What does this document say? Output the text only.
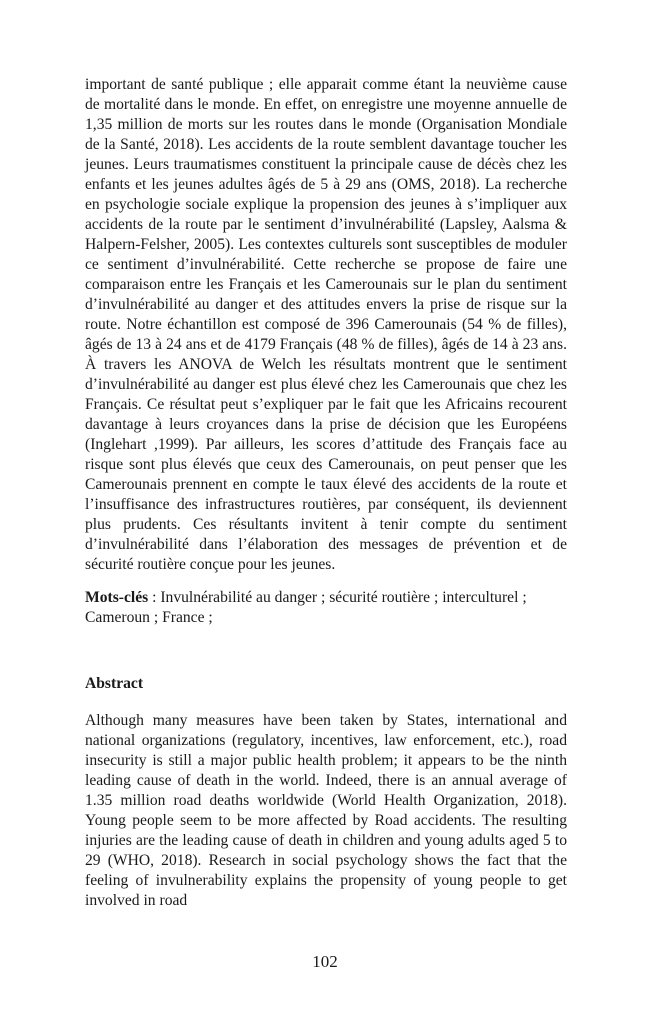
important de santé publique ; elle apparait comme étant la neuvième cause de mortalité dans le monde. En effet, on enregistre une moyenne annuelle de 1,35 million de morts sur les routes dans le monde (Organisation Mondiale de la Santé, 2018). Les accidents de la route semblent davantage toucher les jeunes. Leurs traumatismes constituent la principale cause de décès chez les enfants et les jeunes adultes âgés de 5 à 29 ans (OMS, 2018). La recherche en psychologie sociale explique la propension des jeunes à s’impliquer aux accidents de la route par le sentiment d’invulnérabilité (Lapsley, Aalsma & Halpern-Felsher, 2005). Les contextes culturels sont susceptibles de moduler ce sentiment d’invulnérabilité. Cette recherche se propose de faire une comparaison entre les Français et les Camerounais sur le plan du sentiment d’invulnérabilité au danger et des attitudes envers la prise de risque sur la route. Notre échantillon est composé de 396 Camerounais (54 % de filles), âgés de 13 à 24 ans et de 4179 Français (48 % de filles), âgés de 14 à 23 ans. À travers les ANOVA de Welch les résultats montrent que le sentiment d’invulnérabilité au danger est plus élevé chez les Camerounais que chez les Français. Ce résultat peut s’expliquer par le fait que les Africains recourent davantage à leurs croyances dans la prise de décision que les Européens (Inglehart ,1999). Par ailleurs, les scores d’attitude des Français face au risque sont plus élevés que ceux des Camerounais, on peut penser que les Camerounais prennent en compte le taux élevé des accidents de la route et l’insuffisance des infrastructures routières, par conséquent, ils deviennent plus prudents. Ces résultants invitent à tenir compte du sentiment d’invulnérabilité dans l’élaboration des messages de prévention et de sécurité routière conçue pour les jeunes.

Mots-clés : Invulnérabilité au danger ; sécurité routière ; interculturel ; Cameroun ; France ;

Abstract

Although many measures have been taken by States, international and national organizations (regulatory, incentives, law enforcement, etc.), road insecurity is still a major public health problem; it appears to be the ninth leading cause of death in the world. Indeed, there is an annual average of 1.35 million road deaths worldwide (World Health Organization, 2018). Young people seem to be more affected by Road accidents. The resulting injuries are the leading cause of death in children and young adults aged 5 to 29 (WHO, 2018). Research in social psychology shows the fact that the feeling of invulnerability explains the propensity of young people to get involved in road

102
